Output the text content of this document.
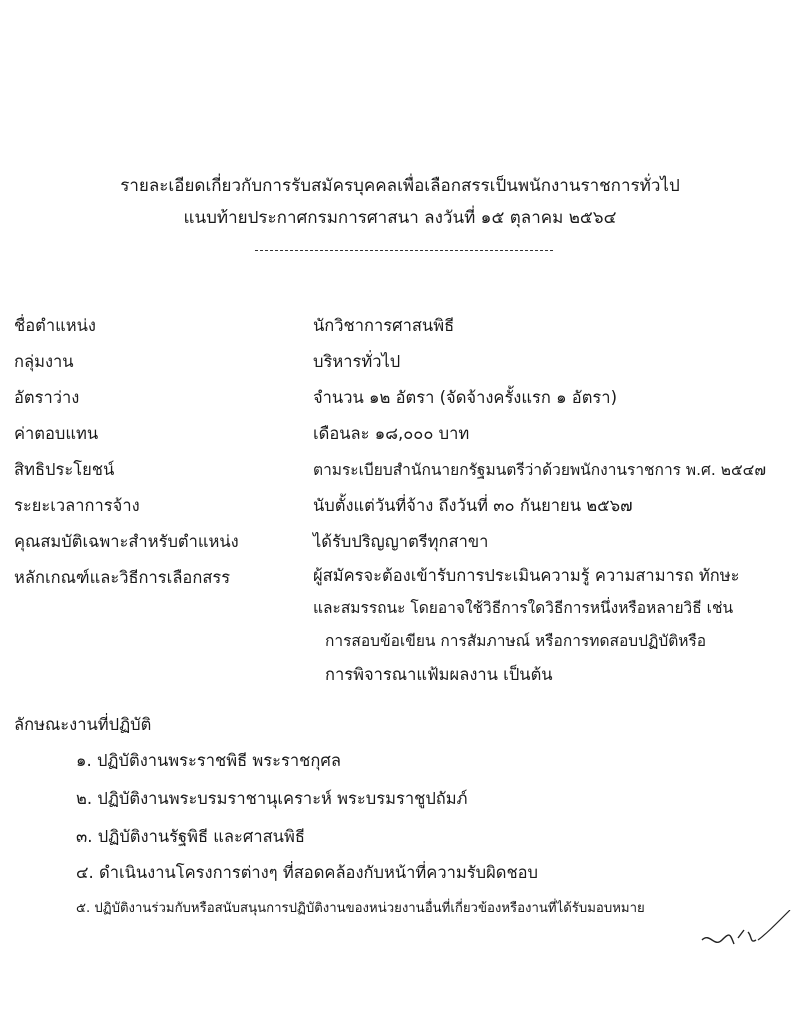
รายละเอียดเกี่ยวกับการรับสมัครบุคคลเพื่อเลือกสรรเป็นพนักงานราชการทั่วไป
แนบท้ายประกาศกรมการศาสนา ลงวันที่ ๑๕ ตุลาคม ๒๕๖๔
ชื่อตำแหน่ง	นักวิชาการศาสนพิธี
กลุ่มงาน	บริหารทั่วไป
อัตราว่าง	จำนวน ๑๒ อัตรา (จัดจ้างครั้งแรก ๑ อัตรา)
ค่าตอบแทน	เดือนละ ๑๘,๐๐๐ บาท
สิทธิประโยชน์	ตามระเบียบสำนักนายกรัฐมนตรีว่าด้วยพนักงานราชการ พ.ศ. ๒๕๔๗
ระยะเวลาการจ้าง	นับตั้งแต่วันที่จ้าง ถึงวันที่ ๓๐ กันยายน ๒๕๖๗
คุณสมบัติเฉพาะสำหรับตำแหน่ง	ได้รับปริญญาตรีทุกสาขา
หลักเกณฑ์และวิธีการเลือกสรร	ผู้สมัครจะต้องเข้ารับการประเมินความรู้ ความสามารถ ทักษะ
และสมรรถนะ โดยอาจใช้วิธีการใดวิธีการหนึ่งหรือหลายวิธี เช่น
การสอบข้อเขียน การสัมภาษณ์ หรือการทดสอบปฏิบัติหรือ
การพิจารณาแฟ้มผลงาน เป็นต้น
ลักษณะงานที่ปฏิบัติ
๑. ปฏิบัติงานพระราชพิธี พระราชกุศล
๒. ปฏิบัติงานพระบรมราชานุเคราะห์ พระบรมราชูปถัมภ์
๓. ปฏิบัติงานรัฐพิธี และศาสนพิธี
๔. ดำเนินงานโครงการต่างๆ ที่สอดคล้องกับหน้าที่ความรับผิดชอบ
๕. ปฏิบัติงานร่วมกับหรือสนับสนุนการปฏิบัติงานของหน่วยงานอื่นที่เกี่ยวข้องหรืองานที่ได้รับมอบหมาย
